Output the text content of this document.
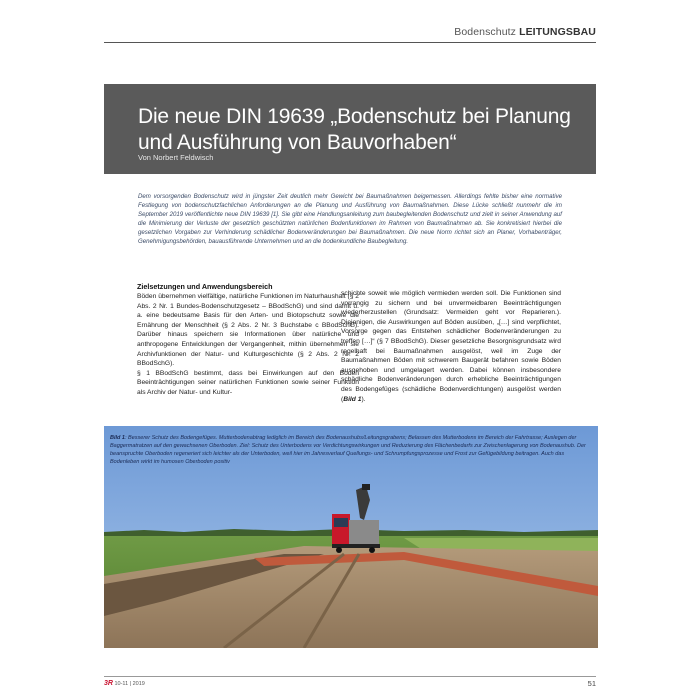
Bodenschutz LEITUNGSBAU
Die neue DIN 19639 „Bodenschutz bei Planung und Ausführung von Bauvorhaben“
Von Norbert Feldwisch

Dem vorsorgenden Bodenschutz wird in jüngster Zeit deutlich mehr Gewicht bei Baumaßnahmen beigemessen. Allerdings fehlte bisher eine normative Festlegung von bodenschutzfachlichen Anforderungen an die Planung und Ausführung von Baumaßnahmen. Diese Lücke schließt nunmehr die im September 2019 veröffentlichte neue DIN 19639 [1]. Sie gibt eine Handlungsanleitung zum baubegleitenden Bodenschutz und zielt in seiner Anwendung auf die Minimierung der Verluste der gesetzlich geschützten natürlichen Bodenfunktionen im Rahmen von Baumaßnahmen ab. Sie konkretisiert hierbei die gesetzlichen Vorgaben zur Verhinderung schädlicher Bodenveränderungen bei Baumaßnahmen. Die neue Norm richtet sich an Planer, Vorhabenträger, Genehmigungsbehörden, bauausführende Unternehmen und an die bodenkundliche Baubegleitung.

Zielsetzungen und Anwendungsbereich

Böden übernehmen vielfältige, natürliche Funktionen im Naturhaushalt (§ 2 Abs. 2 Nr. 1 Bundes-Bodenschutzgesetz – BBodSchG) und sind damit u. a. eine bedeutsame Basis für den Arten- und Biotopschutz sowie die Ernährung der Menschheit (§ 2 Abs. 2 Nr. 3 Buchstabe c BBodSchG). Darüber hinaus speichern sie Informationen über natürliche und anthropogene Entwicklungen der Vergangenheit, mithin übernehmen sie Archivfunktionen der Natur- und Kulturgeschichte (§ 2 Abs. 2 Nr. 2 BBodSchG).

§ 1 BBodSchG bestimmt, dass bei Einwirkungen auf den Boden Beeinträchtigungen seiner natürlichen Funktionen sowie seiner Funktion als Archiv der Natur- und Kultur-

schichte soweit wie möglich vermieden werden soll. Die Funktionen sind vorrangig zu sichern und bei unvermeidbaren Beeinträchtigungen wiederherzustellen (Grundsatz: Vermeiden geht vor Reparieren.). Diejenigen, die Auswirkungen auf Böden ausüben, „[…] sind verpflichtet, Vorsorge gegen das Entstehen schädlicher Bodenveränderungen zu treffen […]“ (§ 7 BBodSchG). Dieser gesetzliche Besorgnisgrundsatz wird regelhaft bei Baumaßnahmen ausgelöst, weil im Zuge der Baumaßnahmen Böden mit schwerem Baugerät befahren sowie Böden ausgehoben und umgelagert werden. Dabei können insbesondere schädliche Bodenveränderungen durch erhebliche Beeinträchtigungen des Bodengefüges (schädliche Bodenverdichtungen) ausgelöst werden (Bild 1).

Bild 1: Besserer Schutz des Bodengefüges. Mutterbodenabtrag lediglich im Bereich des Bodenaushubs/Leitungsgrabens; Belassen des Mutterbodens im Bereich der Fahrtrasse; Auslegen der Baggermatratzen auf den gewachsenen Oberboden. Ziel: Schutz des Unterbodens vor Verdichtungswirkungen und Reduzierung des Flächenbedarfs zur Zwischenlagerung von Bodenaushub. Der beanspruchte Oberboden regeneriert sich leichter als der Unterboden, weil hier im Jahresverlauf Quellungs- und Schrumpfungsprozesse und Frost zur Gefügebildung beitragen. Auch das Bodenleben wirkt im humosen Oberboden positiv

3R 10-11 | 2019	51
